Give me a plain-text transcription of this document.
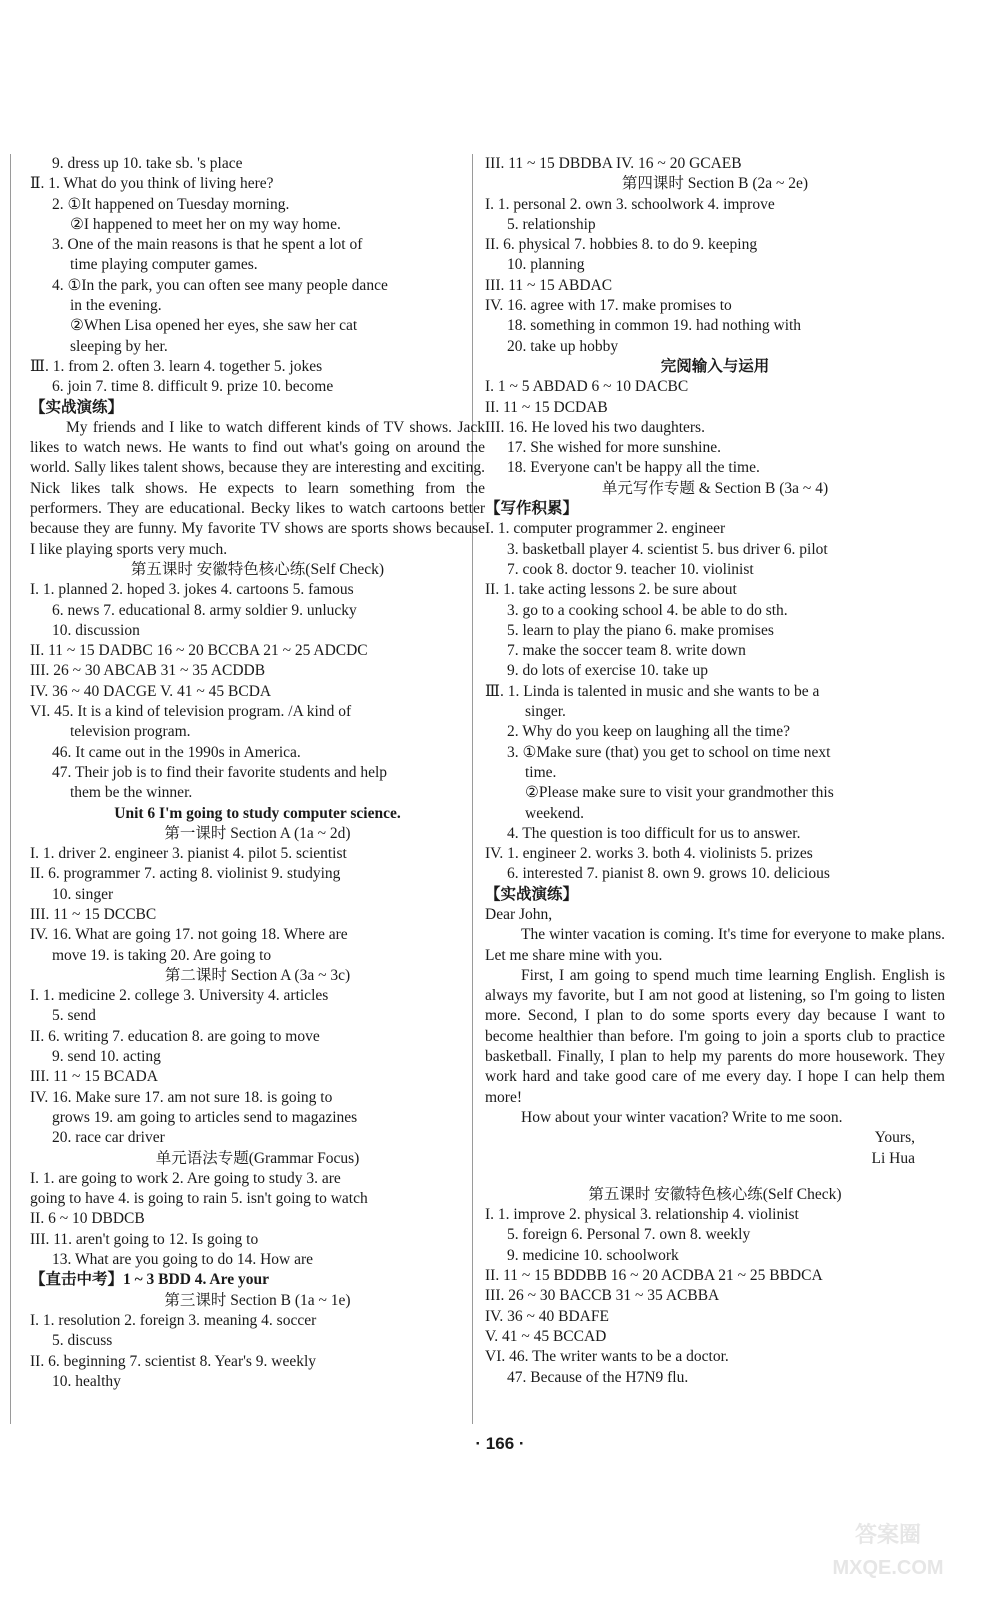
9. dress up 10. take sb. 's place
Ⅱ. 1. What do you think of living here?
2. ①It happened on Tuesday morning.
②I happened to meet her on my way home.
3. One of the main reasons is that he spent a lot of
time playing computer games.
4. ①In the park, you can often see many people dance
in the evening.
②When Lisa opened her eyes, she saw her cat
sleeping by her.
Ⅲ. 1. from 2. often 3. learn 4. together 5. jokes
6. join 7. time 8. difficult 9. prize 10. become
【实战演练】
My friends and I like to watch different kinds of TV shows. Jack likes to watch news. He wants to find out what's going on around the world. Sally likes talent shows, because they are interesting and exciting. Nick likes talk shows. He expects to learn something from the performers. They are educational. Becky likes to watch cartoons better because they are funny. My favorite TV shows are sports shows because I like playing sports very much.
第五课时 安徽特色核心练(Self Check)
I. 1. planned 2. hoped 3. jokes 4. cartoons 5. famous
6. news 7. educational 8. army soldier 9. unlucky
10. discussion
II. 11 ~ 15 DADBC 16 ~ 20 BCCBA 21 ~ 25 ADCDC
III. 26 ~ 30 ABCAB 31 ~ 35 ACDDB
IV. 36 ~ 40 DACGE V. 41 ~ 45 BCDA
VI. 45. It is a kind of television program. /A kind of
television program.
46. It came out in the 1990s in America.
47. Their job is to find their favorite students and help
them be the winner.
Unit 6 I'm going to study computer science.
第一课时 Section A (1a ~ 2d)
I. 1. driver 2. engineer 3. pianist 4. pilot 5. scientist
II. 6. programmer 7. acting 8. violinist 9. studying
10. singer
III. 11 ~ 15 DCCBC
IV. 16. What are going 17. not going 18. Where are
move 19. is taking 20. Are going to
第二课时 Section A (3a ~ 3c)
I. 1. medicine 2. college 3. University 4. articles
5. send
II. 6. writing 7. education 8. are going to move
9. send 10. acting
III. 11 ~ 15 BCADA
IV. 16. Make sure 17. am not sure 18. is going to
grows 19. am going to articles send to magazines
20. race car driver
单元语法专题(Grammar Focus)
I. 1. are going to work 2. Are going to study 3. are
going to have 4. is going to rain 5. isn't going to watch
II. 6 ~ 10 DBDCB
III. 11. aren't going to 12. Is going to
13. What are you going to do 14. How are
【直击中考】1 ~ 3 BDD 4. Are your
第三课时 Section B (1a ~ 1e)
I. 1. resolution 2. foreign 3. meaning 4. soccer
5. discuss
II. 6. beginning 7. scientist 8. Year's 9. weekly
10. healthy
III. 11 ~ 15 DBDBA IV. 16 ~ 20 GCAEB
第四课时 Section B (2a ~ 2e)
I. 1. personal 2. own 3. schoolwork 4. improve
5. relationship
II. 6. physical 7. hobbies 8. to do 9. keeping
10. planning
III. 11 ~ 15 ABDAC
IV. 16. agree with 17. make promises to
18. something in common 19. had nothing with
20. take up hobby
完阅输入与运用
I. 1 ~ 5 ABDAD 6 ~ 10 DACBC
II. 11 ~ 15 DCDAB
III. 16. He loved his two daughters.
17. She wished for more sunshine.
18. Everyone can't be happy all the time.
单元写作专题 & Section B (3a ~ 4)
【写作积累】
I. 1. computer programmer 2. engineer
3. basketball player 4. scientist 5. bus driver 6. pilot
7. cook 8. doctor 9. teacher 10. violinist
II. 1. take acting lessons 2. be sure about
3. go to a cooking school 4. be able to do sth.
5. learn to play the piano 6. make promises
7. make the soccer team 8. write down
9. do lots of exercise 10. take up
Ⅲ. 1. Linda is talented in music and she wants to be a
singer.
2. Why do you keep on laughing all the time?
3. ①Make sure (that) you get to school on time next
time.
②Please make sure to visit your grandmother this
weekend.
4. The question is too difficult for us to answer.
IV. 1. engineer 2. works 3. both 4. violinists 5. prizes
6. interested 7. pianist 8. own 9. grows 10. delicious
【实战演练】
Dear John,
The winter vacation is coming. It's time for everyone to make plans. Let me share mine with you.
First, I am going to spend much time learning English. English is always my favorite, but I am not good at listening, so I'm going to listen more. Second, I plan to do some sports every day because I want to become healthier than before. I'm going to join a sports club to practice basketball. Finally, I plan to help my parents do more housework. They work hard and take good care of me every day. I hope I can help them more!
How about your winter vacation? Write to me soon.
Yours,
Li Hua
第五课时 安徽特色核心练(Self Check)
I. 1. improve 2. physical 3. relationship 4. violinist
5. foreign 6. Personal 7. own 8. weekly
9. medicine 10. schoolwork
II. 11 ~ 15 BDDBB 16 ~ 20 ACDBA 21 ~ 25 BBDCA
III. 26 ~ 30 BACCB 31 ~ 35 ACBBA
IV. 36 ~ 40 BDAFE
V. 41 ~ 45 BCCAD
VI. 46. The writer wants to be a doctor.
47. Because of the H7N9 flu.
· 166 ·
答案圈
MXQE.COM
